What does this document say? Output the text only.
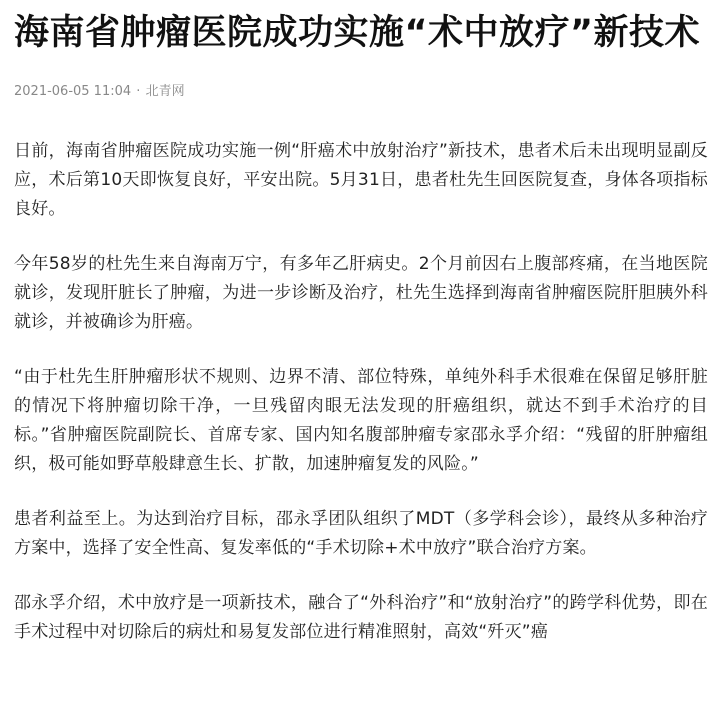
海南省肿瘤医院成功实施“术中放疗”新技术
2021-06-05 11:04 · 北青网

日前，海南省肿瘤医院成功实施一例“肝癌术中放射治疗”新技术，患者术后未出现明显副反应，术后第10天即恢复良好，平安出院。5月31日，患者杜先生回医院复查，身体各项指标良好。

今年58岁的杜先生来自海南万宁，有多年乙肝病史。2个月前因右上腹部疼痛，在当地医院就诊，发现肝脏长了肿瘤，为进一步诊断及治疗，杜先生选择到海南省肿瘤医院肝胆胰外科就诊，并被确诊为肝癌。

“由于杜先生肝肿瘤形状不规则、边界不清、部位特殊，单纯外科手术很难在保留足够肝脏的情况下将肿瘤切除干净，一旦残留肉眼无法发现的肝癌组织，就达不到手术治疗的目标。”省肿瘤医院副院长、首席专家、国内知名腹部肿瘤专家邵永孚介绍：“残留的肝肿瘤组织，极可能如野草般肆意生长、扩散，加速肿瘤复发的风险。”

患者利益至上。为达到治疗目标，邵永孚团队组织了MDT（多学科会诊），最终从多种治疗方案中，选择了安全性高、复发率低的“手术切除+术中放疗”联合治疗方案。

邵永孚介绍，术中放疗是一项新技术，融合了“外科治疗”和“放射治疗”的跨学科优势，即在手术过程中对切除后的病灶和易复发部位进行精准照射，高效“歼灭”癌
